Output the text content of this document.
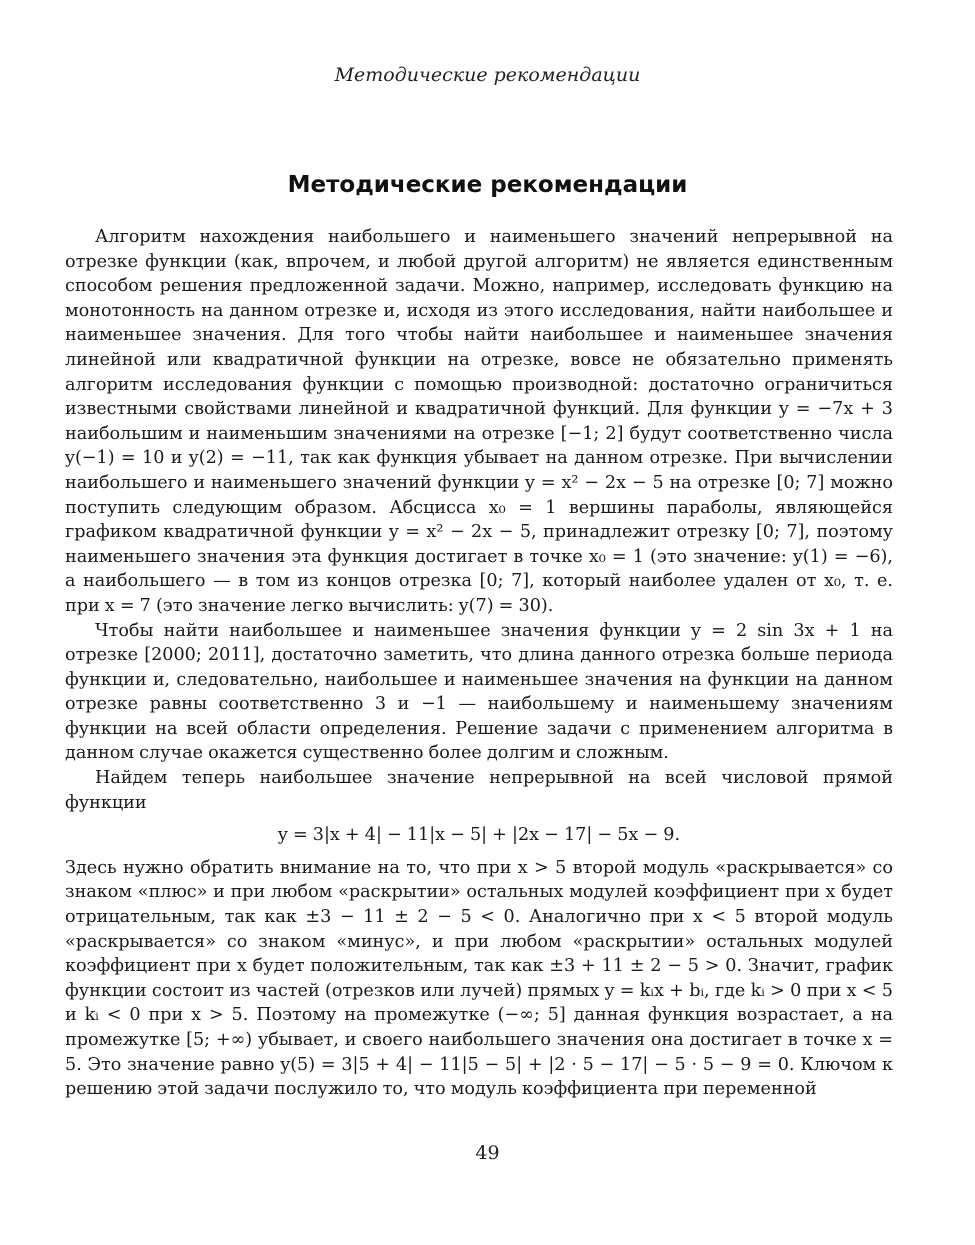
Методические рекомендации
Методические рекомендации

Алгоритм нахождения наибольшего и наименьшего значений непрерывной на отрезке функции (как, впрочем, и любой другой алгоритм) не является единственным способом решения предложенной задачи. Можно, например, исследовать функцию на монотонность на данном отрезке и, исходя из этого исследования, найти наибольшее и наименьшее значения. Для того чтобы найти наибольшее и наименьшее значения линейной или квадратичной функции на отрезке, вовсе не обязательно применять алгоритм исследования функции с помощью производной: достаточно ограничиться известными свойствами линейной и квадратичной функций. Для функции y = −7x + 3 наибольшим и наименьшим значениями на отрезке [−1; 2] будут соответственно числа y(−1) = 10 и y(2) = −11, так как функция убывает на данном отрезке. При вычислении наибольшего и наименьшего значений функции y = x² − 2x − 5 на отрезке [0; 7] можно поступить следующим образом. Абсцисса x₀ = 1 вершины параболы, являющейся графиком квадратичной функции y = x² − 2x − 5, принадлежит отрезку [0; 7], поэтому наименьшего значения эта функция достигает в точке x₀ = 1 (это значение: y(1) = −6), а наибольшего — в том из концов отрезка [0; 7], который наиболее удален от x₀, т. е. при x = 7 (это значение легко вычислить: y(7) = 30).

Чтобы найти наибольшее и наименьшее значения функции y = 2 sin 3x + 1 на отрезке [2000; 2011], достаточно заметить, что длина данного отрезка больше периода функции и, следовательно, наибольшее и наименьшее значения на функции на данном отрезке равны соответственно 3 и −1 — наибольшему и наименьшему значениям функции на всей области определения. Решение задачи с применением алгоритма в данном случае окажется существенно более долгим и сложным.

Найдем теперь наибольшее значение непрерывной на всей числовой прямой функции

y = 3|x + 4| − 11|x − 5| + |2x − 17| − 5x − 9.

Здесь нужно обратить внимание на то, что при x > 5 второй модуль «раскрывается» со знаком «плюс» и при любом «раскрытии» остальных модулей коэффициент при x будет отрицательным, так как ±3 − 11 ± 2 − 5 < 0. Аналогично при x < 5 второй модуль «раскрывается» со знаком «минус», и при любом «раскрытии» остальных модулей коэффициент при x будет положительным, так как ±3 + 11 ± 2 − 5 > 0. Значит, график функции состоит из частей (отрезков или лучей) прямых y = kᵢx + bᵢ, где kᵢ > 0 при x < 5 и kᵢ < 0 при x > 5. Поэтому на промежутке (−∞; 5] данная функция возрастает, а на промежутке [5; +∞) убывает, и своего наибольшего значения она достигает в точке x = 5. Это значение равно y(5) = 3|5 + 4| − 11|5 − 5| + |2 · 5 − 17| − 5 · 5 − 9 = 0. Ключом к решению этой задачи послужило то, что модуль коэффициента при переменной

49
